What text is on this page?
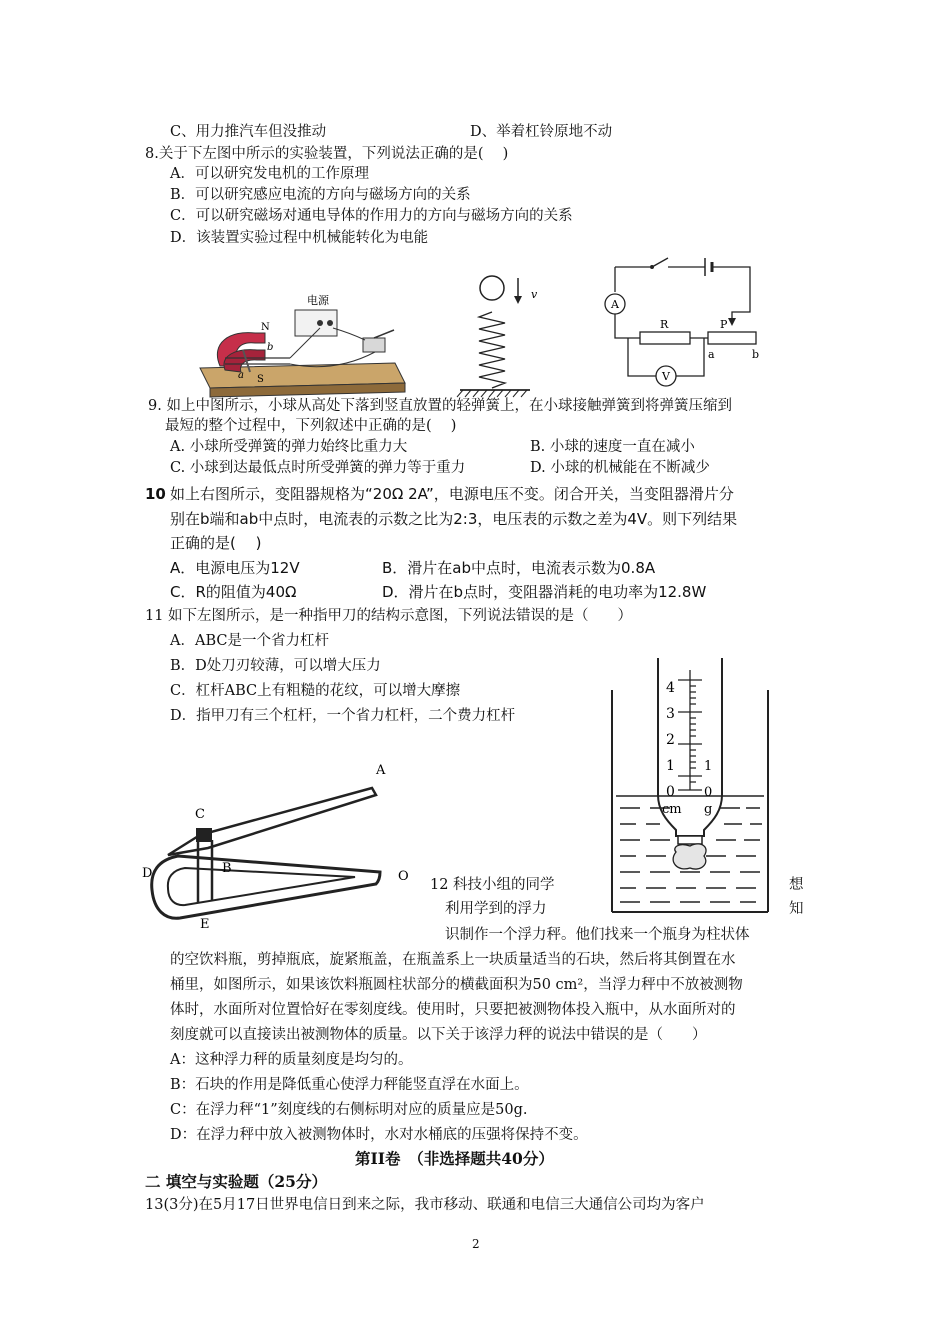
C、用力推汽车但没推动	D、举着杠铃原地不动
8.关于下左图中所示的实验装置，下列说法正确的是(　 )
A．可以研究发电机的工作原理
B．可以研究感应电流的方向与磁场方向的关系
C．可以研究磁场对通电导体的作用力的方向与磁场方向的关系
D．该装置实验过程中机械能转化为电能
电源
N
S
a
b
v
A
R	P
a	b
V
9. 如上中图所示，小球从高处下落到竖直放置的轻弹簧上，在小球接触弹簧到将弹簧压缩到
最短的整个过程中，下列叙述中正确的是(　 )
A. 小球所受弹簧的弹力始终比重力大	B. 小球的速度一直在减小
C. 小球到达最低点时所受弹簧的弹力等于重力	D. 小球的机械能在不断减少
10 如上右图所示，变阻器规格为“20Ω 2A”，电源电压不变。闭合开关，当变阻器滑片分
别在b端和ab中点时，电流表的示数之比为2:3，电压表的示数之差为4V。则下列结果
正确的是(　 )
A．电源电压为12V	B．滑片在ab中点时，电流表示数为0.8A
C．R的阻值为40Ω	D．滑片在b点时，变阻器消耗的电功率为12.8W
11 如下左图所示，是一种指甲刀的结构示意图，下列说法错误的是（　　）
A．ABC是一个省力杠杆
B．D处刀刃较薄，可以增大压力
C．杠杆ABC上有粗糙的花纹，可以增大摩擦
D．指甲刀有三个杠杆，一个省力杠杆，二个费力杠杆
A
C
B
D
E
O
4
3
2
1
0
1
0
cm g
12 科技小组的同学	想
利用学到的浮力	知
识制作一个浮力秤。他们找来一个瓶身为柱状体
的空饮料瓶，剪掉瓶底，旋紧瓶盖，在瓶盖系上一块质量适当的石块，然后将其倒置在水
桶里，如图所示，如果该饮料瓶圆柱状部分的横截面积为50 cm²，当浮力秤中不放被测物
体时，水面所对位置恰好在零刻度线。使用时，只要把被测物体投入瓶中，从水面所对的
刻度就可以直接读出被测物体的质量。以下关于该浮力秤的说法中错误的是（　　）
A：这种浮力秤的质量刻度是均匀的。
B：石块的作用是降低重心使浮力秤能竖直浮在水面上。
C：在浮力秤“1”刻度线的右侧标明对应的质量应是50g.
D：在浮力秤中放入被测物体时，水对水桶底的压强将保持不变。
第II卷　（非选择题共40分）
二 填空与实验题（25分）
13(3分)在5月17日世界电信日到来之际，我市移动、联通和电信三大通信公司均为客户
2
